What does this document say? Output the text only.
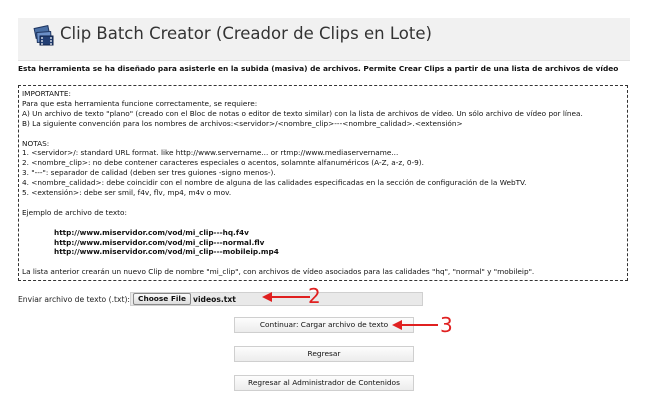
Clip Batch Creator (Creador de Clips en Lote)
Esta herramienta se ha diseñado para asisterle en la subida (masiva) de archivos. Permite Crear Clips a partir de una lista de archivos de vídeo
IMPORTANTE:
Para que esta herramienta funcione correctamente, se requiere:
A) Un archivo de texto "plano" (creado con el Bloc de notas o editor de texto similar) con la lista de archivos de vídeo. Un sólo archivo de vídeo por línea.
B) La siguiente convención para los nombres de archivos:<servidor>/<nombre_clip>---<nombre_calidad>.<extensión>
NOTAS:
1. <servidor>/: standard URL format. like http://www.servername... or rtmp://www.mediaservername...
2. <nombre_clip>: no debe contener caracteres especiales o acentos, solamnte alfanuméricos (A-Z, a-z, 0-9).
3. "---": separador de calidad (deben ser tres guiones -signo menos-).
4. <nombre_calidad>: debe coincidir con el nombre de alguna de las calidades especificadas en la sección de configuración de la WebTV.
5. <extensión>: debe ser smil, f4v, flv, mp4, m4v o mov.
Ejemplo de archivo de texto:
http://www.miservidor.com/vod/mi_clip---hq.f4v
http://www.miservidor.com/vod/mi_clip---normal.flv
http://www.miservidor.com/vod/mi_clip---mobileip.mp4
La lista anterior crearán un nuevo Clip de nombre "mi_clip", con archivos de vídeo asociados para las calidades "hq", "normal" y "mobileip".
Enviar archivo de texto (.txt):	Choose File videos.txt
Continuar: Cargar archivo de texto
Regresar
Regresar al Administrador de Contenidos
2
3
